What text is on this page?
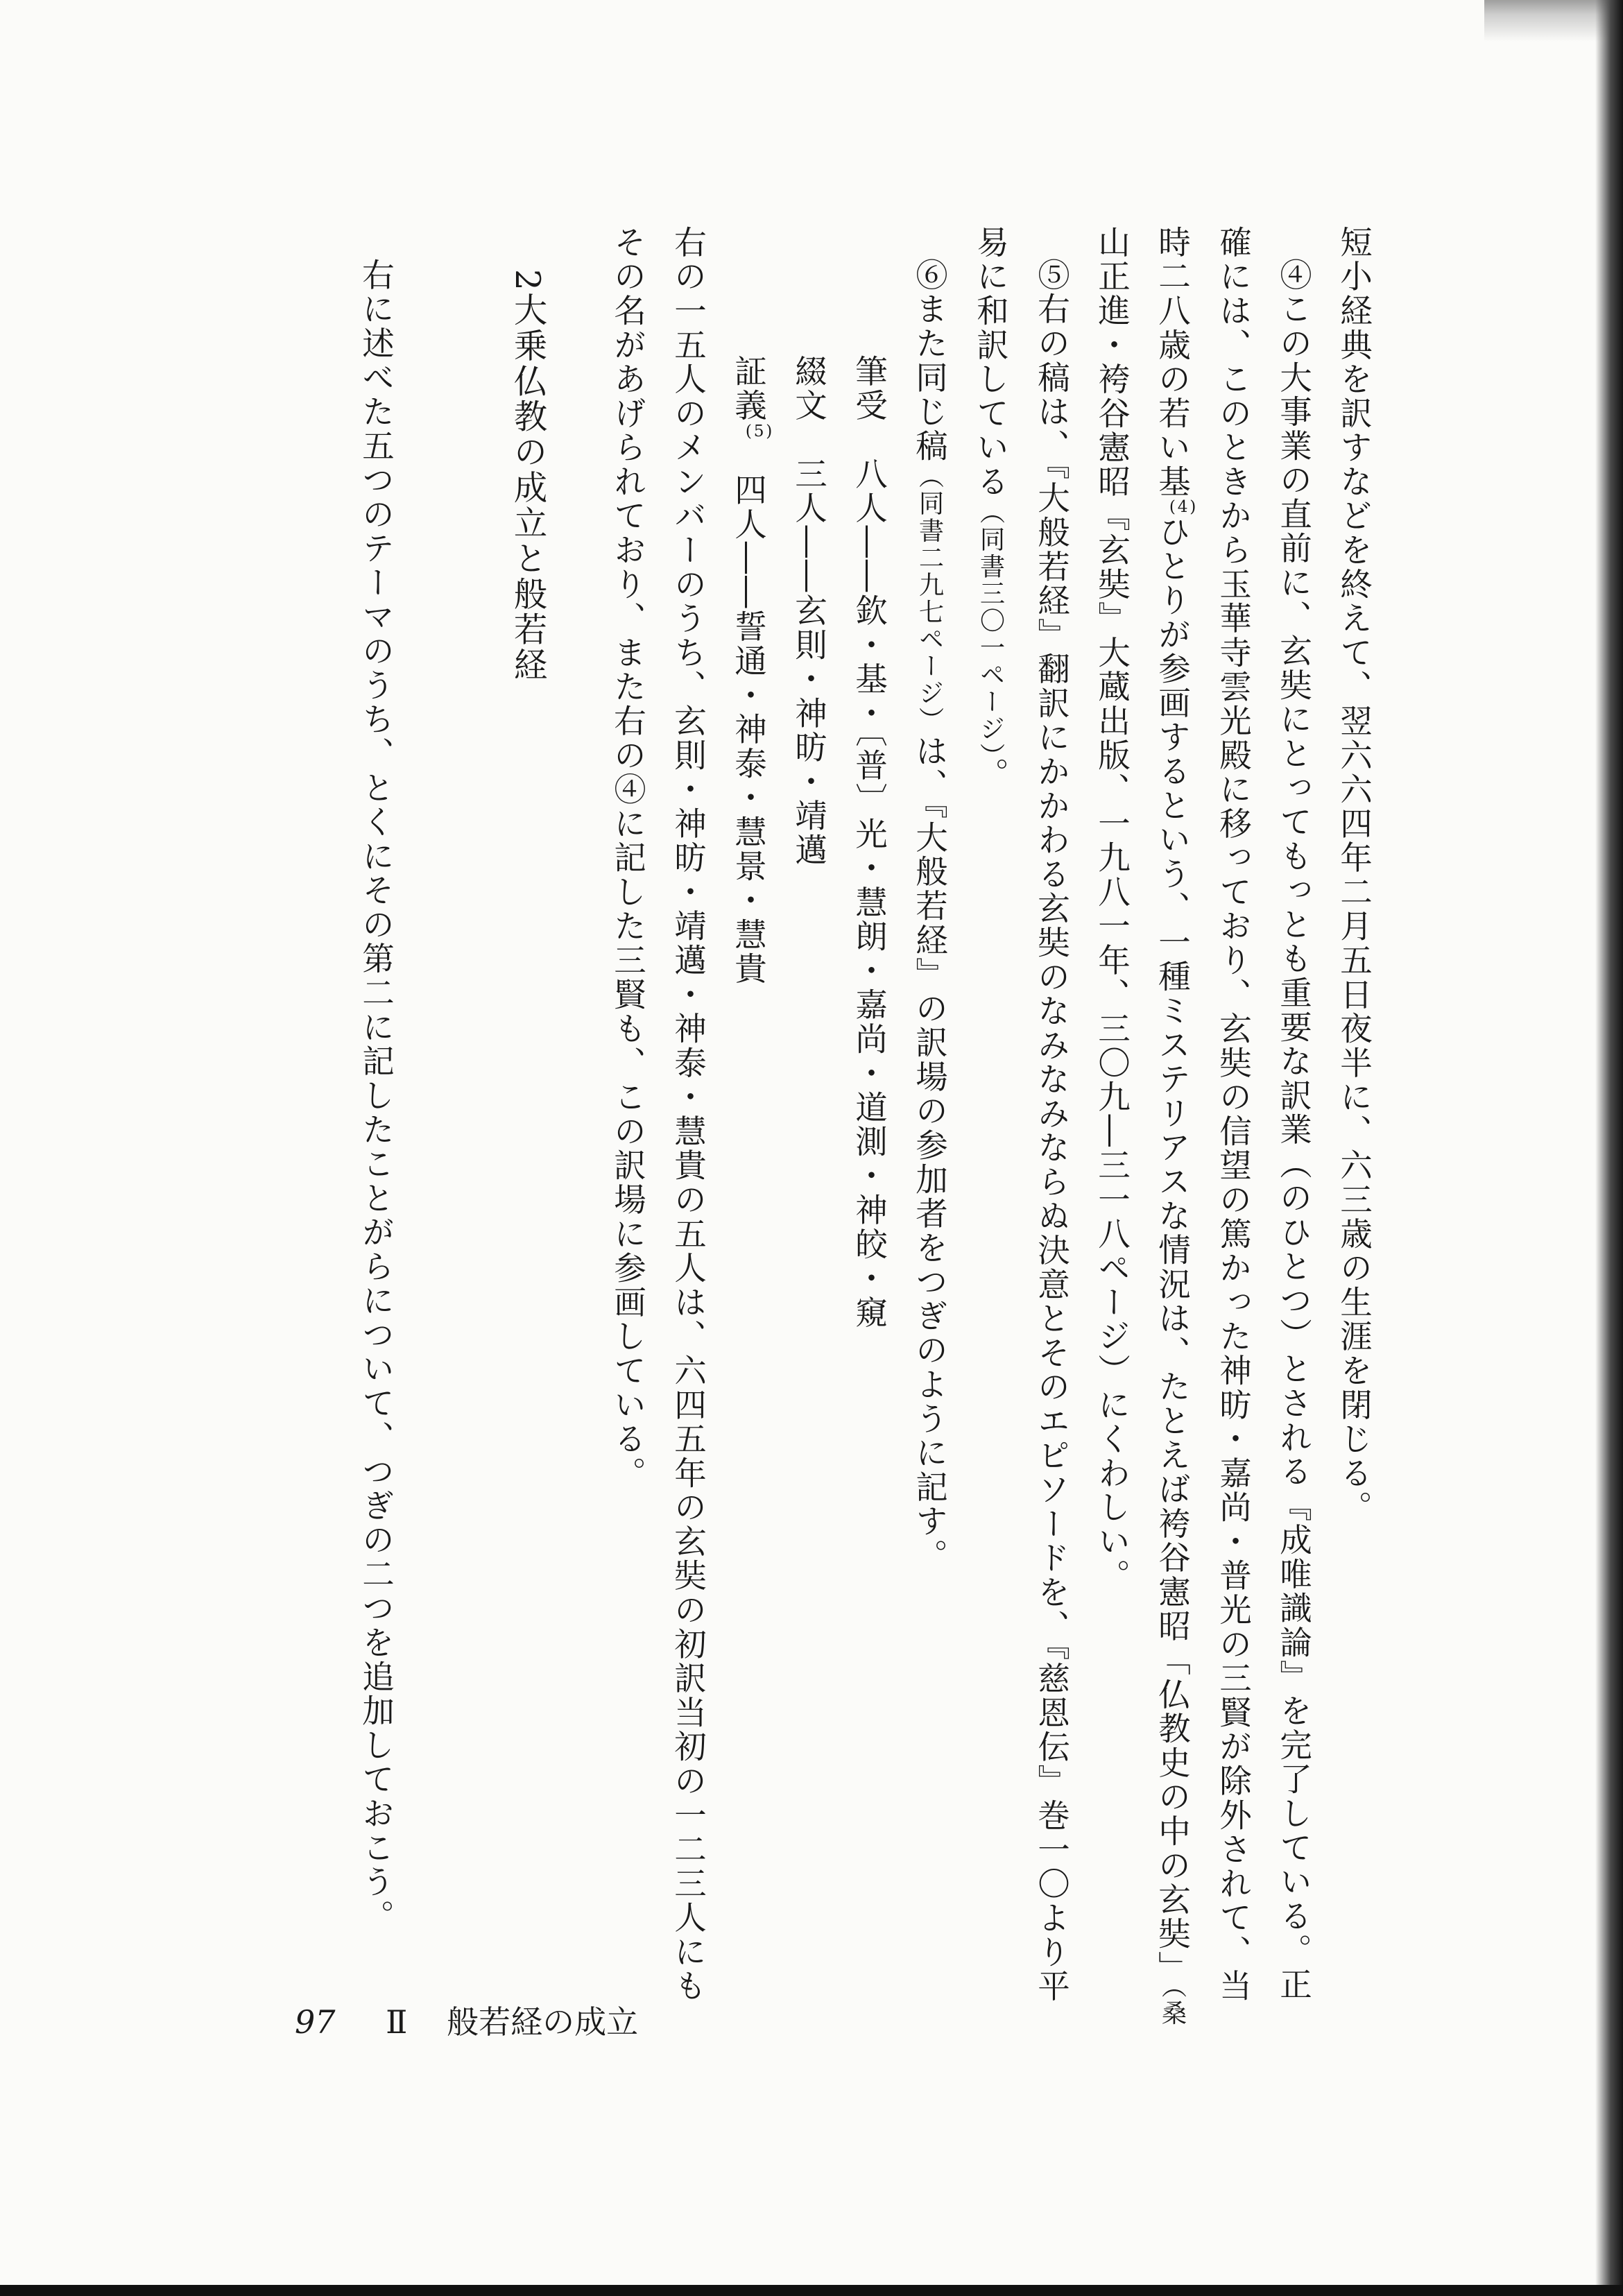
短小経典を訳すなどを終えて、翌六六四年二月五日夜半に、六三歳の生涯を閉じる。
④この大事業の直前に、玄奘にとってもっとも重要な訳業（のひとつ）とされる『成唯識論』を完了している。正
確には、このときから玉華寺雲光殿に移っており、玄奘の信望の篤かった神昉・嘉尚・普光の三賢が除外されて、当
時二八歳の若い基$^{(4)}$ひとりが参画するという、一種ミステリアスな情況は、たとえば袴谷憲昭「仏教史の中の玄奘」（桑
山正進・袴谷憲昭『玄奘』大蔵出版、一九八一年、三〇九―三一八ページ）にくわしい。
⑤右の稿は、『大般若経』翻訳にかかわる玄奘のなみなみならぬ決意とそのエピソードを、『慈恩伝』巻一〇より平
易に和訳している（同書三〇一ページ）。
⑥また同じ稿（同書二九七ページ）は、『大般若経』の訳場の参加者をつぎのように記す。
筆受　八人――欽・基・〔普〕光・慧朗・嘉尚・道測・神皎・窺
綴文　三人――玄則・神昉・靖邁
証義$^{(5)}$　四人――誓通・神泰・慧景・慧貴
右の一五人のメンバーのうち、玄則・神昉・靖邁・神泰・慧貴の五人は、六四五年の玄奘の初訳当初の一二三人にも
その名があげられており、また右の④に記した三賢も、この訳場に参画している。
2大乗仏教の成立と般若経
右に述べた五つのテーマのうち、とくにその第二に記したことがらについて、つぎの二つを追加しておこう。
97 Ⅱ 般若経の成立
